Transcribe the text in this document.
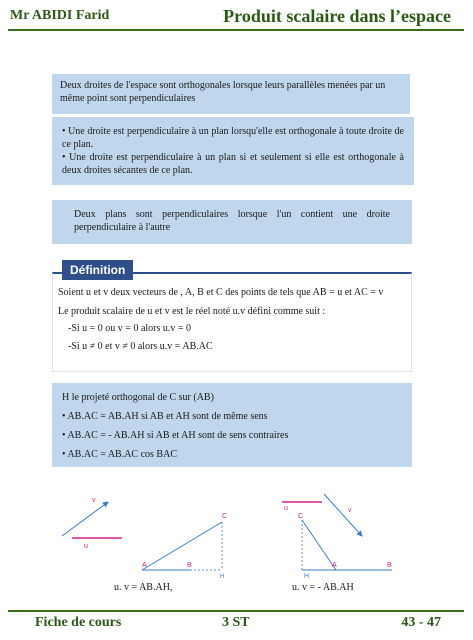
Mr ABIDI Farid	Produit scalaire dans l’espace
Deux droites de l'espace sont orthogonales lorsque leurs parallèles menées par un même point sont perpendiculaires
• Une droite est perpendiculaire à un plan lorsqu'elle est orthogonale à toute droite de ce plan.
• Une droite est perpendiculaire à un plan si et seulement si elle est orthogonale à deux droites sécantes de ce plan.
Deux plans sont perpendiculaires lorsque l'un contient une droite perpendiculaire à l'autre
Définition
Soient u et v deux vecteurs de , A, B et C des points de tels que AB = u et AC = v
Le produit scalaire de u et v est le réel noté u.v défini comme suit :
-Si u = 0 ou v = 0 alors u.v = 0
-Si u ≠ 0 et v ≠ 0 alors u.v = AB.AC

H le projeté orthogonal de C sur (AB)

• AB.AC = AB.AH si AB et AH sont de même sens

• AB.AC = - AB.AH si AB et AH sont de sens contraires

• AB.AC = AB.AC cos BAC

v
u
C
A	B
H
u. v = AB.AH,
u	v
C
H
A	B
u. v = - AB.AH
Fiche de cours	3 ST	43 - 47
